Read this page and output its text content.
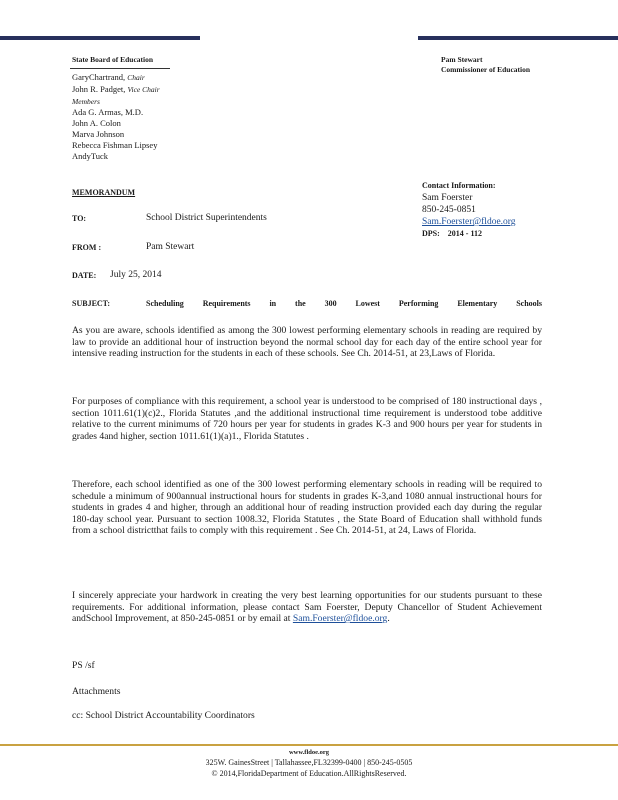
State Board of Education
GaryChartrand, Chair
John R. Padget, Vice Chair
Members
Ada G. Armas, M.D.
John A. Colon
Marva Johnson
Rebecca Fishman Lipsey
AndyTuck
Pam Stewart
Commissioner of Education
MEMORANDUM
Contact Information:
Sam Foerster
850-245-0851
Sam.Foerster@fldoe.org
DPS: 2014 - 112
TO:	School District Superintendents
FROM :	Pam Stewart
DATE: July 25, 2014
SUBJECT:	Scheduling Requirements in the 300 Lowest Performing Elementary Schools
As you are aware, schools identified as among the 300 lowest performing elementary schools in reading are required by law to provide an additional hour of instruction beyond the normal school day for each day of the entire school year for intensive reading instruction for the students in each of these schools. See Ch. 2014-51, at 23,Laws of Florida.
For purposes of compliance with this requirement, a school year is understood to be comprised of 180 instructional days , section 1011.61(1)(c)2., Florida Statutes ,and the additional instructional time requirement is understood tobe additive relative to the current minimums of 720 hours per year for students in grades K-3 and 900 hours per year for students in grades 4and higher, section 1011.61(1)(a)1., Florida Statutes .
Therefore, each school identified as one of the 300 lowest performing elementary schools in reading will be required to schedule a minimum of 900annual instructional hours for students in grades K-3,and 1080 annual instructional hours for students in grades 4 and higher, through an additional hour of reading instruction provided each day during the regular 180-day school year. Pursuant to section 1008.32, Florida Statutes , the State Board of Education shall withhold funds from a school districtthat fails to comply with this requirement . See Ch. 2014-51, at 24, Laws of Florida.
I sincerely appreciate your hardwork in creating the very best learning opportunities for our students pursuant to these requirements. For additional information, please contact Sam Foerster, Deputy Chancellor of Student Achievement andSchool Improvement, at 850-245-0851 or by email at Sam.Foerster@fldoe.org.
PS /sf
Attachments
cc: School District Accountability Coordinators
www.fldoe.org
325W. GainesStreet | Tallahassee,FL32399-0400 | 850-245-0505
© 2014,FloridaDepartment of Education.AllRightsReserved.
